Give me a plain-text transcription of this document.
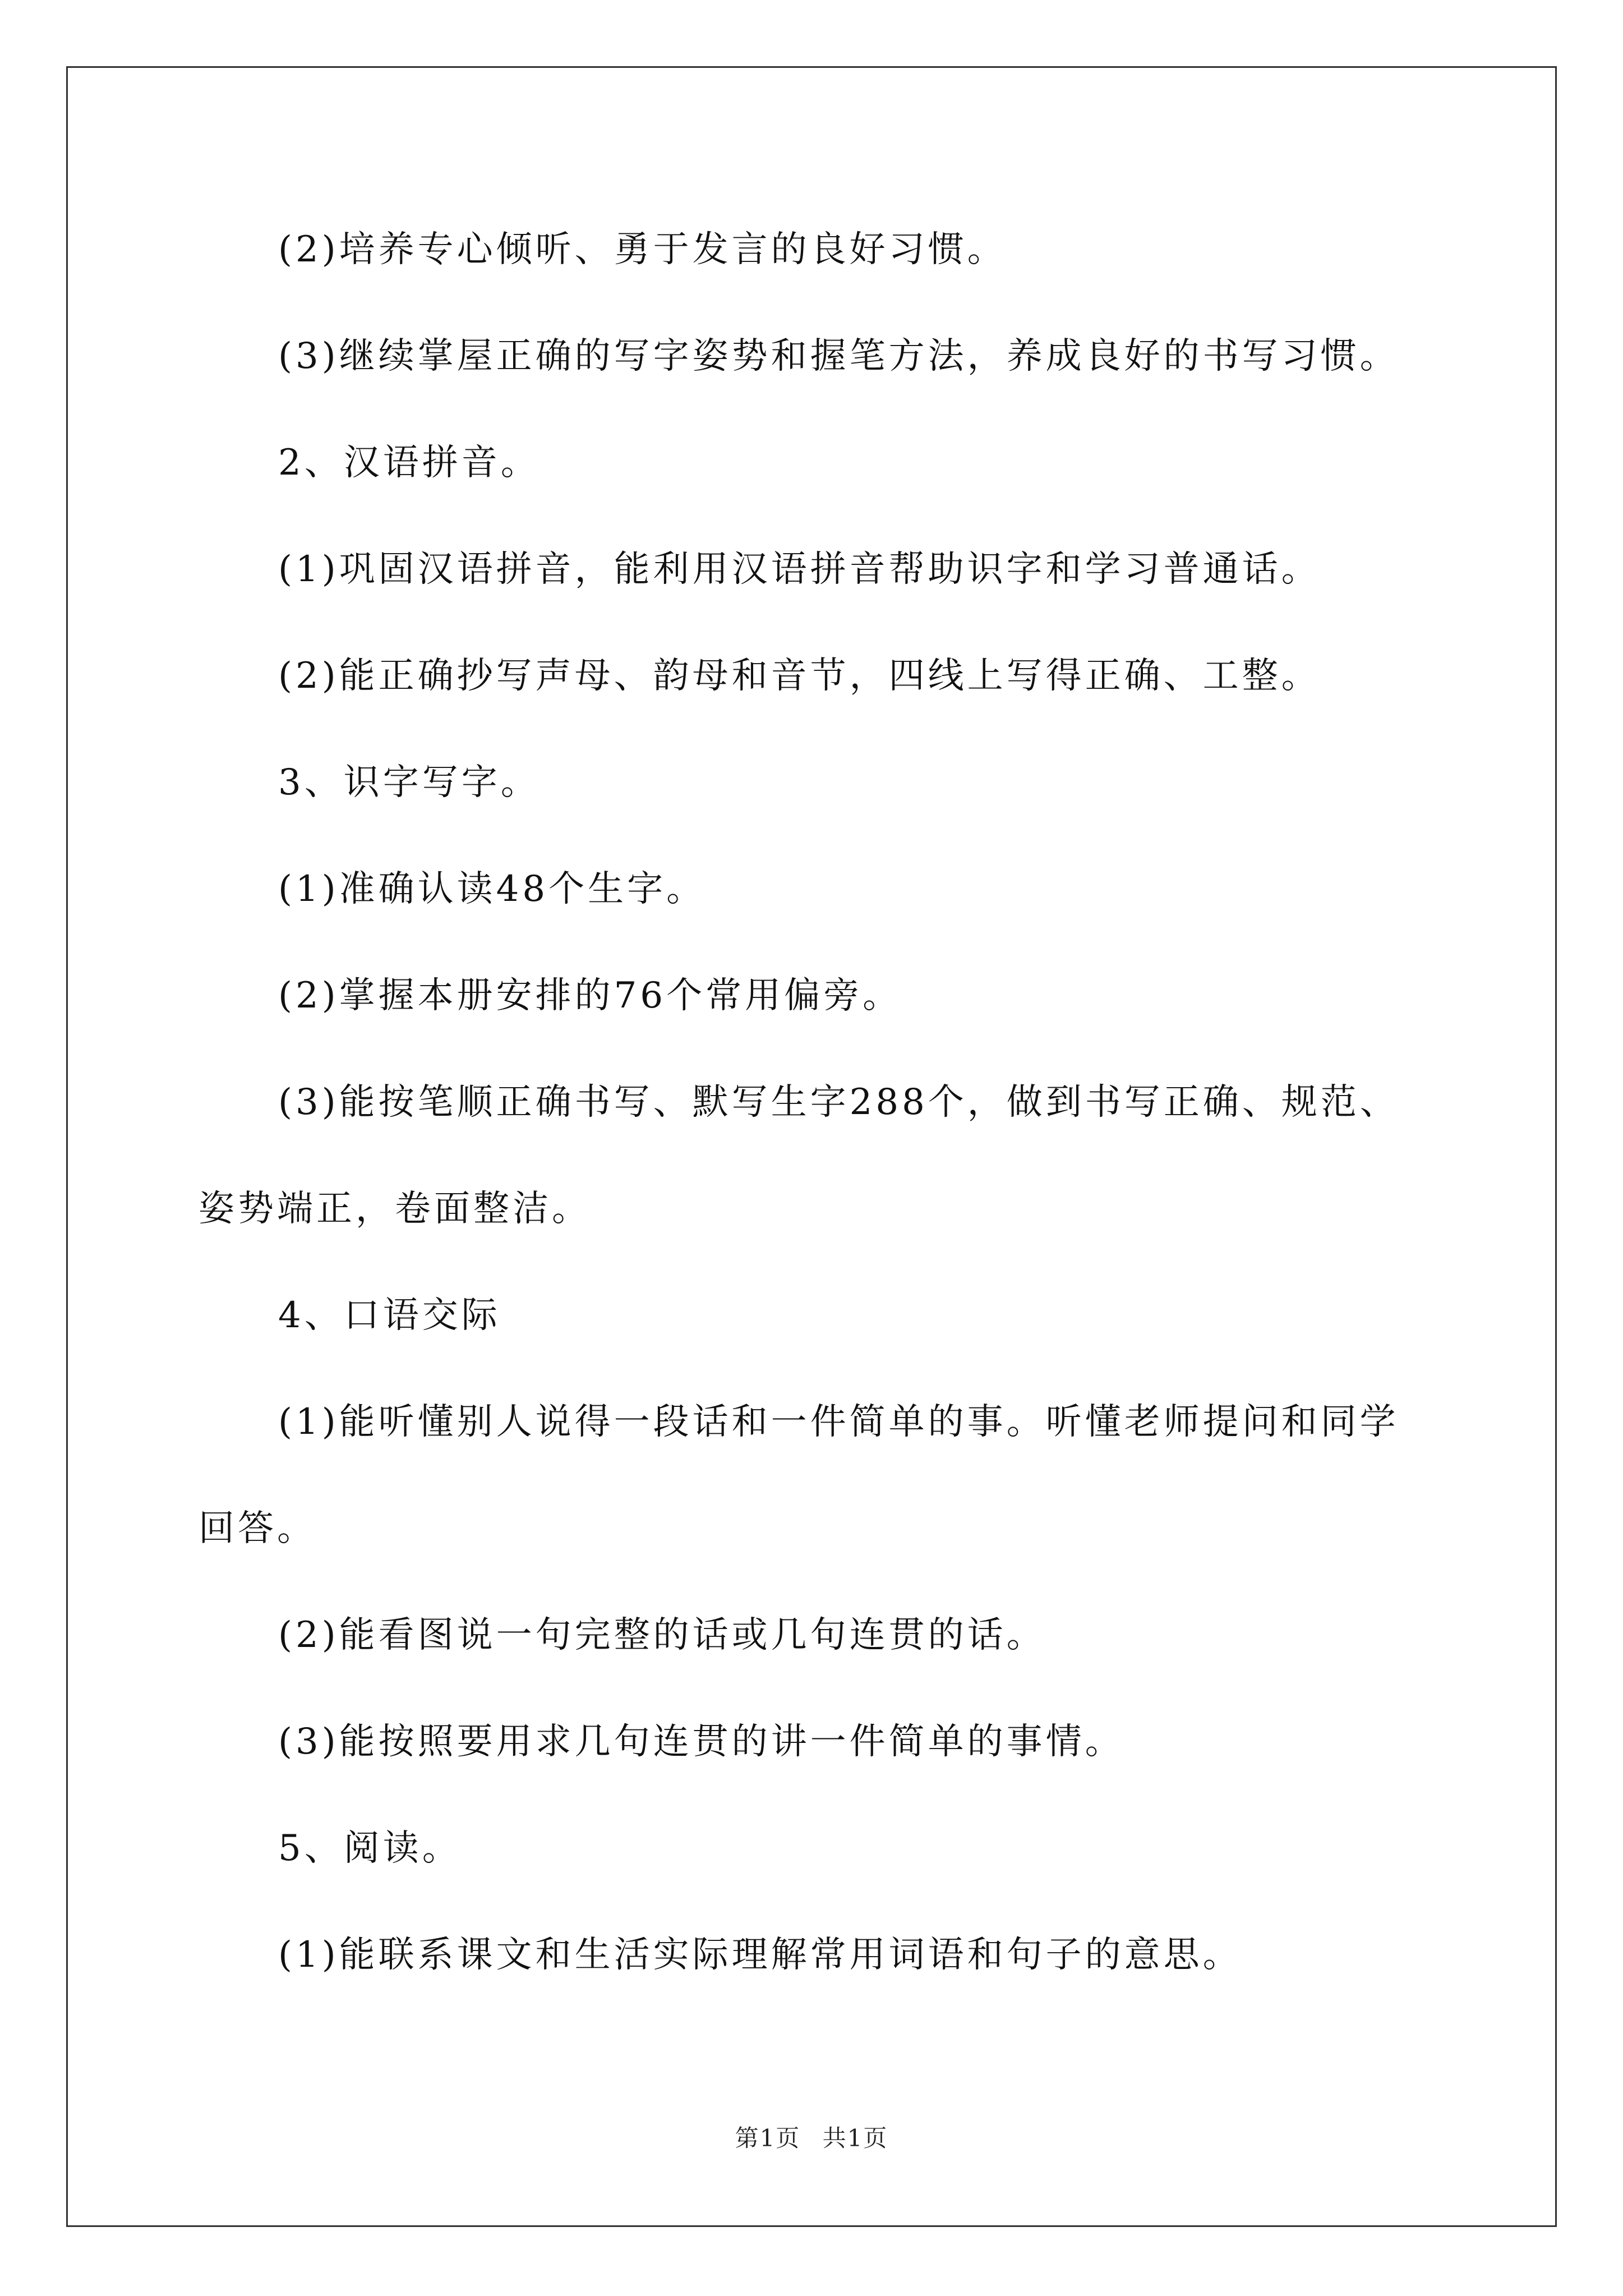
(2)培养专心倾听、勇于发言的良好习惯。
(3)继续掌屋正确的写字姿势和握笔方法，养成良好的书写习惯。
2、汉语拼音。
(1)巩固汉语拼音，能利用汉语拼音帮助识字和学习普通话。
(2)能正确抄写声母、韵母和音节，四线上写得正确、工整。
3、识字写字。
(1)准确认读48个生字。
(2)掌握本册安排的76个常用偏旁。
(3)能按笔顺正确书写、默写生字288个，做到书写正确、规范、
姿势端正，卷面整洁。
4、口语交际
(1)能听懂别人说得一段话和一件简单的事。听懂老师提问和同学
回答。
(2)能看图说一句完整的话或几句连贯的话。
(3)能按照要用求几句连贯的讲一件简单的事情。
5、阅读。
(1)能联系课文和生活实际理解常用词语和句子的意思。
第1页 共1页
